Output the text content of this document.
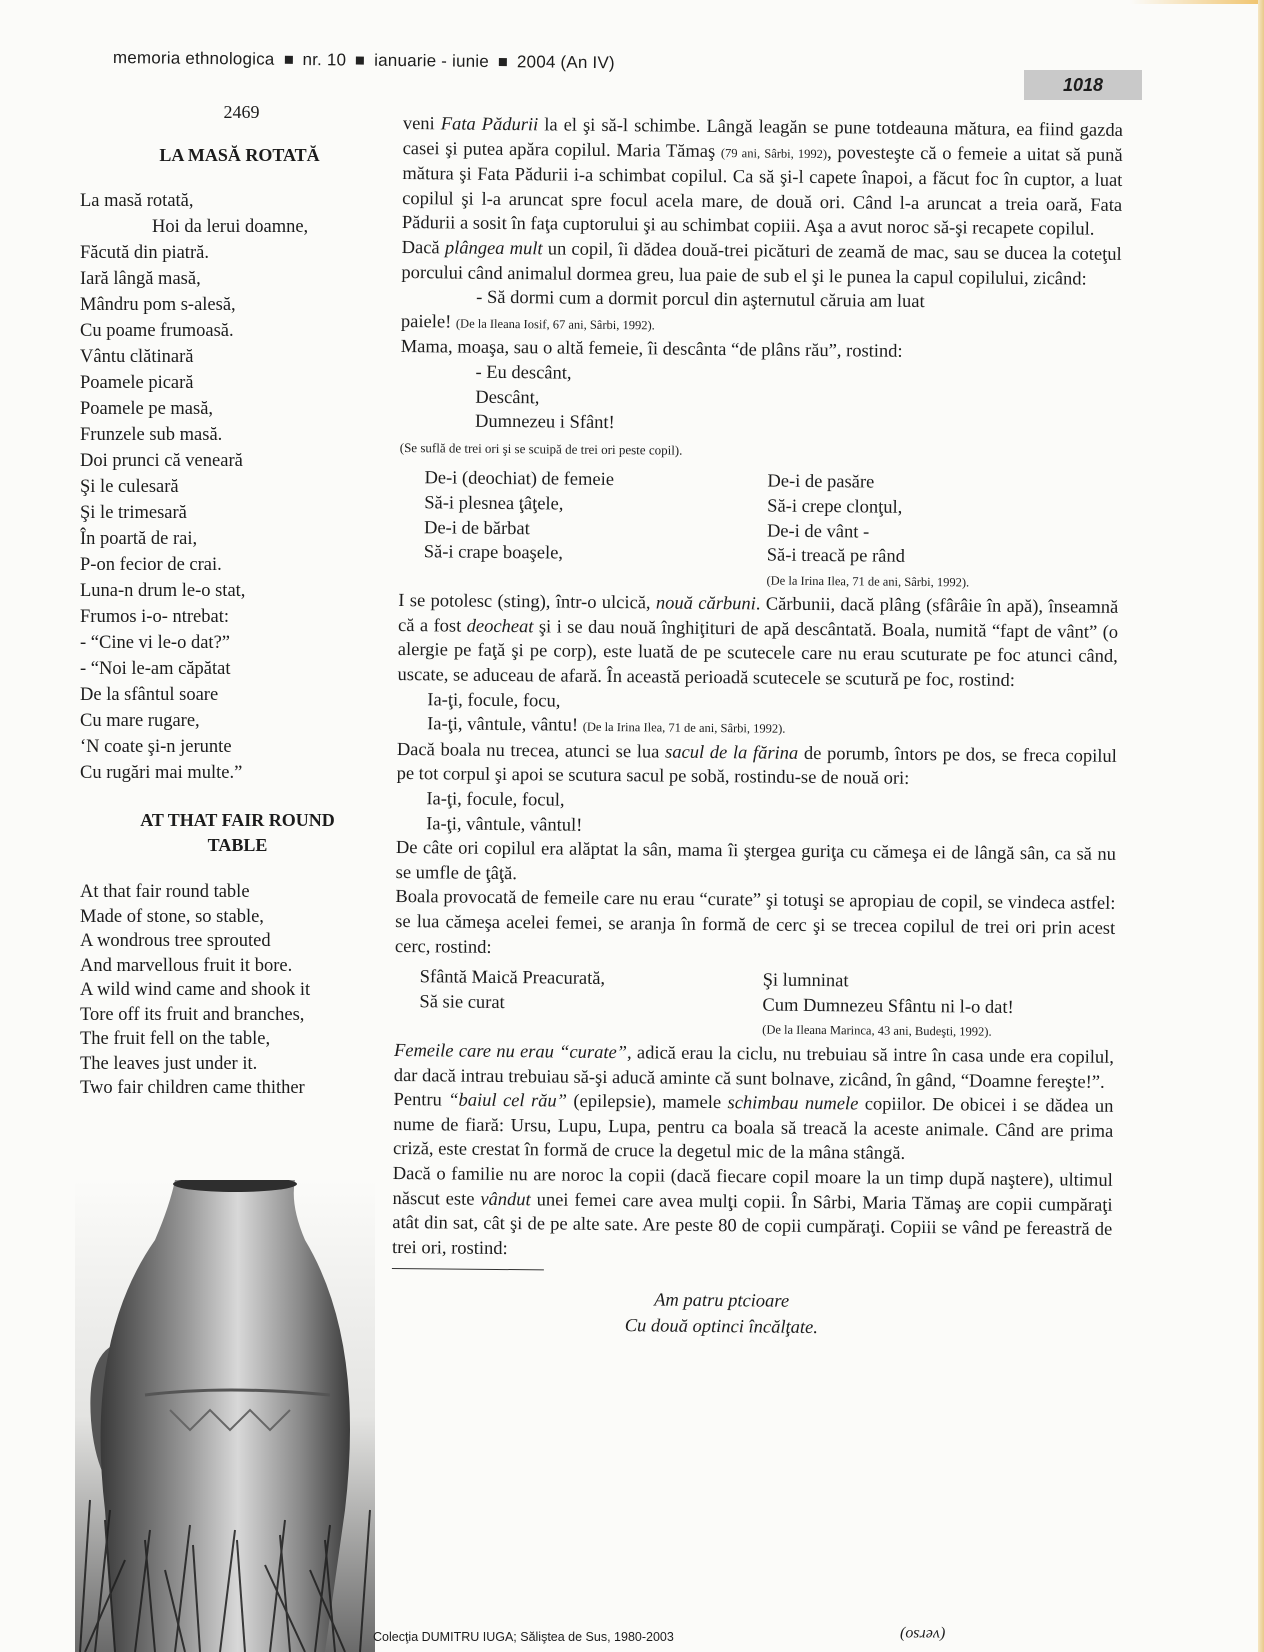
memoria ethnologica nr. 10 ianuarie - iunie 2004 (An IV)
1018
2469
LA MASĂ ROTATĂ
La masă rotată,
Hoi da lerui doamne,
Făcută din piatră.
Iară lângă masă,
Mândru pom s-alesă,
Cu poame frumoasă.
Vântu clătinară
Poamele picară
Poamele pe masă,
Frunzele sub masă.
Doi prunci că veneară
Şi le culesară
Şi le trimesară
În poartă de rai,
P-on fecior de crai.
Luna-n drum le-o stat,
Frumos i-o- ntrebat:
- “Cine vi le-o dat?”
- “Noi le-am căpătat
De la sfântul soare
Cu mare rugare,
‘N coate şi-n jerunte
Cu rugări mai multe.”
AT THAT FAIR ROUND
TABLE
At that fair round table
Made of stone, so stable,
A wondrous tree sprouted
And marvellous fruit it bore.
A wild wind came and shook it
Tore off its fruit and branches,
The fruit fell on the table,
The leaves just under it.
Two fair children came thither

veni Fata Pădurii la el şi să-l schimbe. Lângă leagăn se pune totdeauna mătura, ea fiind gazda casei şi putea apăra copilul. Maria Tămaş (79 ani, Sârbi, 1992), povesteşte că o femeie a uitat să pună mătura şi Fata Pădurii i-a schimbat copilul. Ca să şi-l capete înapoi, a făcut foc în cuptor, a luat copilul şi l-a aruncat spre focul acela mare, de două ori. Când l-a aruncat a treia oară, Fata Pădurii a sosit în faţa cuptorului şi au schimbat copiii. Aşa a avut noroc să-şi recapete copilul.

Dacă plângea mult un copil, îi dădea două-trei picături de zeamă de mac, sau se ducea la coteţul porcului când animalul dormea greu, lua paie de sub el şi le punea la capul copilului, zicând:

- Să dormi cum a dormit porcul din aşternutul căruia am luat

paiele! (De la Ileana Iosif, 67 ani, Sârbi, 1992).

Mama, moaşa, sau o altă femeie, îi descânta “de plâns rău”, rostind:

- Eu descânt,
Descânt,
Dumnezeu i Sfânt!
(Se suflă de trei ori şi se scuipă de trei ori peste copil).
De-i (deochiat) de femeie
Să-i plesnea ţâţele,
De-i de bărbat
Să-i crape boaşele,
De-i de pasăre
Să-i crepe clonţul,
De-i de vânt -
Să-i treacă pe rând
(De la Irina Ilea, 71 de ani, Sârbi, 1992).

I se potolesc (sting), într-o ulcică, nouă cărbuni. Cărbunii, dacă plâng (sfârâie în apă), înseamnă că a fost deocheat şi i se dau nouă înghiţituri de apă descântată. Boala, numită “fapt de vânt” (o alergie pe faţă şi pe corp), este luată de pe scutecele care nu erau scuturate pe foc atunci când, uscate, se aduceau de afară. În această perioadă scutecele se scutură pe foc, rostind:

Ia-ţi, focule, focu,
Ia-ţi, vântule, vântu! (De la Irina Ilea, 71 de ani, Sârbi, 1992).

Dacă boala nu trecea, atunci se lua sacul de la fărina de porumb, întors pe dos, se freca copilul pe tot corpul şi apoi se scutura sacul pe sobă, rostindu-se de nouă ori:

Ia-ţi, focule, focul,
Ia-ţi, vântule, vântul!

De câte ori copilul era alăptat la sân, mama îi ştergea guriţa cu cămeşa ei de lângă sân, ca să nu se umfle de ţâţă.

Boala provocată de femeile care nu erau “curate” şi totuşi se apropiau de copil, se vindeca astfel: se lua cămeşa acelei femei, se aranja în formă de cerc şi se trecea copilul de trei ori prin acest cerc, rostind:

Sfântă Maică Preacurată,
Să sie curat
Şi lumninat
Cum Dumnezeu Sfântu ni l-o dat!
(De la Ileana Marinca, 43 ani, Budeşti, 1992).

Femeile care nu erau “curate”, adică erau la ciclu, nu trebuiau să intre în casa unde era copilul, dar dacă intrau trebuiau să-şi aducă aminte că sunt bolnave, zicând, în gând, “Doamne fereşte!”.

Pentru “baiul cel rău” (epilepsie), mamele schimbau numele copiilor. De obicei i se dădea un nume de fiară: Ursu, Lupu, Lupa, pentru ca boala să treacă la aceste animale. Când are prima criză, este crestat în formă de cruce la degetul mic de la mâna stângă.

Dacă o familie nu are noroc la copii (dacă fiecare copil moare la un timp după naştere), ultimul născut este vândut unei femei care avea mulţi copii. În Sârbi, Maria Tămaş are copii cumpăraţi atât din sat, cât şi de pe alte sate. Are peste 80 de copii cumpăraţi. Copiii se vând pe fereastră de trei ori, rostind:

Am patru ptcioare
Cu două optinci încălţate.
Colecţia DUMITRU IUGA; Sălişteа de Sus, 1980-2003	(verso)
